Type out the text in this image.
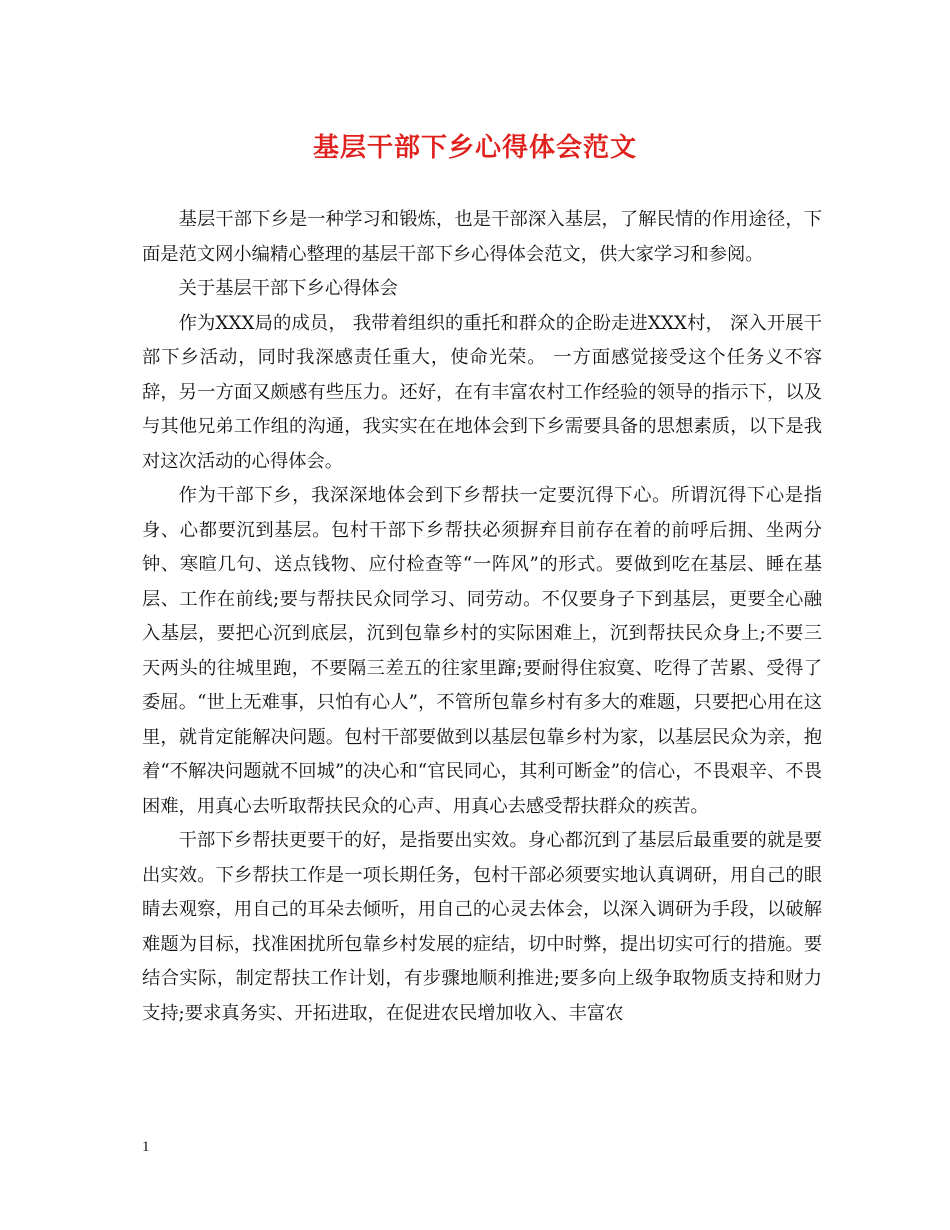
基层干部下乡心得体会范文

基层干部下乡是一种学习和锻炼，也是干部深入基层，了解民情的作用途径，下面是范文网小编精心整理的基层干部下乡心得体会范文，供大家学习和参阅。

关于基层干部下乡心得体会

作为XXX局的成员， 我带着组织的重托和群众的企盼走进XXX村， 深入开展干部下乡活动，同时我深感责任重大，使命光荣。 一方面感觉接受这个任务义不容辞，另一方面又颇感有些压力。还好，在有丰富农村工作经验的领导的指示下，以及与其他兄弟工作组的沟通，我实实在在地体会到下乡需要具备的思想素质，以下是我对这次活动的心得体会。

作为干部下乡，我深深地体会到下乡帮扶一定要沉得下心。所谓沉得下心是指身、心都要沉到基层。包村干部下乡帮扶必须摒弃目前存在着的前呼后拥、坐两分钟、寒暄几句、送点钱物、应付检查等“一阵风”的形式。要做到吃在基层、睡在基层、工作在前线;要与帮扶民众同学习、同劳动。不仅要身子下到基层，更要全心融入基层，要把心沉到底层，沉到包靠乡村的实际困难上，沉到帮扶民众身上;不要三天两头的往城里跑，不要隔三差五的往家里蹿;要耐得住寂寞、吃得了苦累、受得了委屈。“世上无难事，只怕有心人”，不管所包靠乡村有多大的难题，只要把心用在这里，就肯定能解决问题。包村干部要做到以基层包靠乡村为家，以基层民众为亲，抱着“不解决问题就不回城”的决心和“官民同心，其利可断金”的信心，不畏艰辛、不畏困难，用真心去听取帮扶民众的心声、用真心去感受帮扶群众的疾苦。

干部下乡帮扶更要干的好，是指要出实效。身心都沉到了基层后最重要的就是要出实效。下乡帮扶工作是一项长期任务，包村干部必须要实地认真调研，用自己的眼睛去观察，用自己的耳朵去倾听，用自己的心灵去体会，以深入调研为手段，以破解难题为目标，找准困扰所包靠乡村发展的症结，切中时弊，提出切实可行的措施。要结合实际，制定帮扶工作计划，有步骤地顺利推进;要多向上级争取物质支持和财力支持;要求真务实、开拓进取，在促进农民增加收入、丰富农

1
